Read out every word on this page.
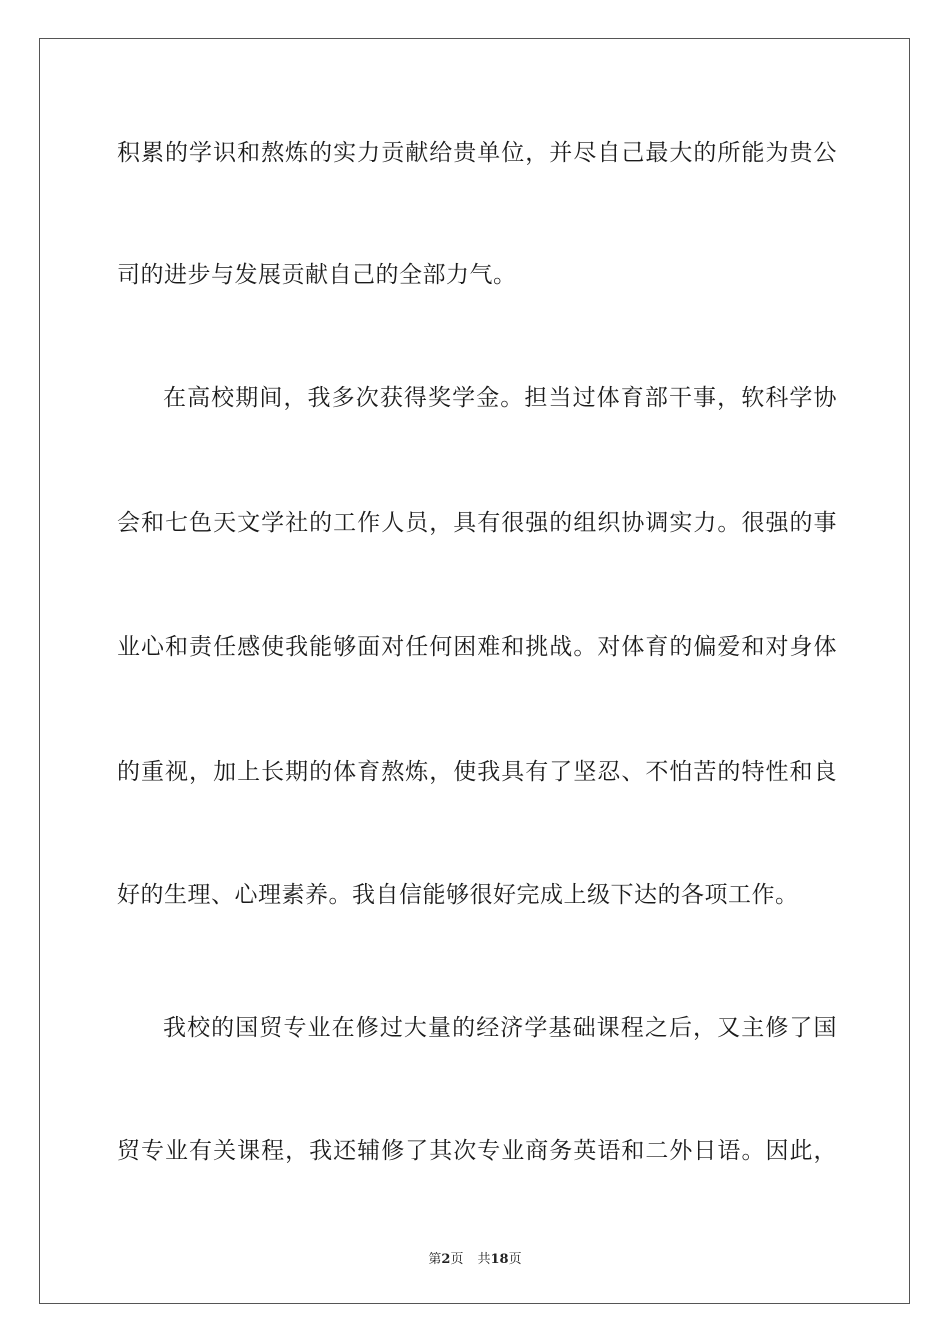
积累的学识和熬炼的实力贡献给贵单位，并尽自己最大的所能为贵公
司的进步与发展贡献自己的全部力气。
在高校期间，我多次获得奖学金。担当过体育部干事，软科学协
会和七色天文学社的工作人员，具有很强的组织协调实力。很强的事
业心和责任感使我能够面对任何困难和挑战。对体育的偏爱和对身体
的重视，加上长期的体育熬炼，使我具有了坚忍、不怕苦的特性和良
好的生理、心理素养。我自信能够很好完成上级下达的各项工作。
我校的国贸专业在修过大量的经济学基础课程之后，又主修了国
贸专业有关课程，我还辅修了其次专业商务英语和二外日语。因此，
第2页 共18页
